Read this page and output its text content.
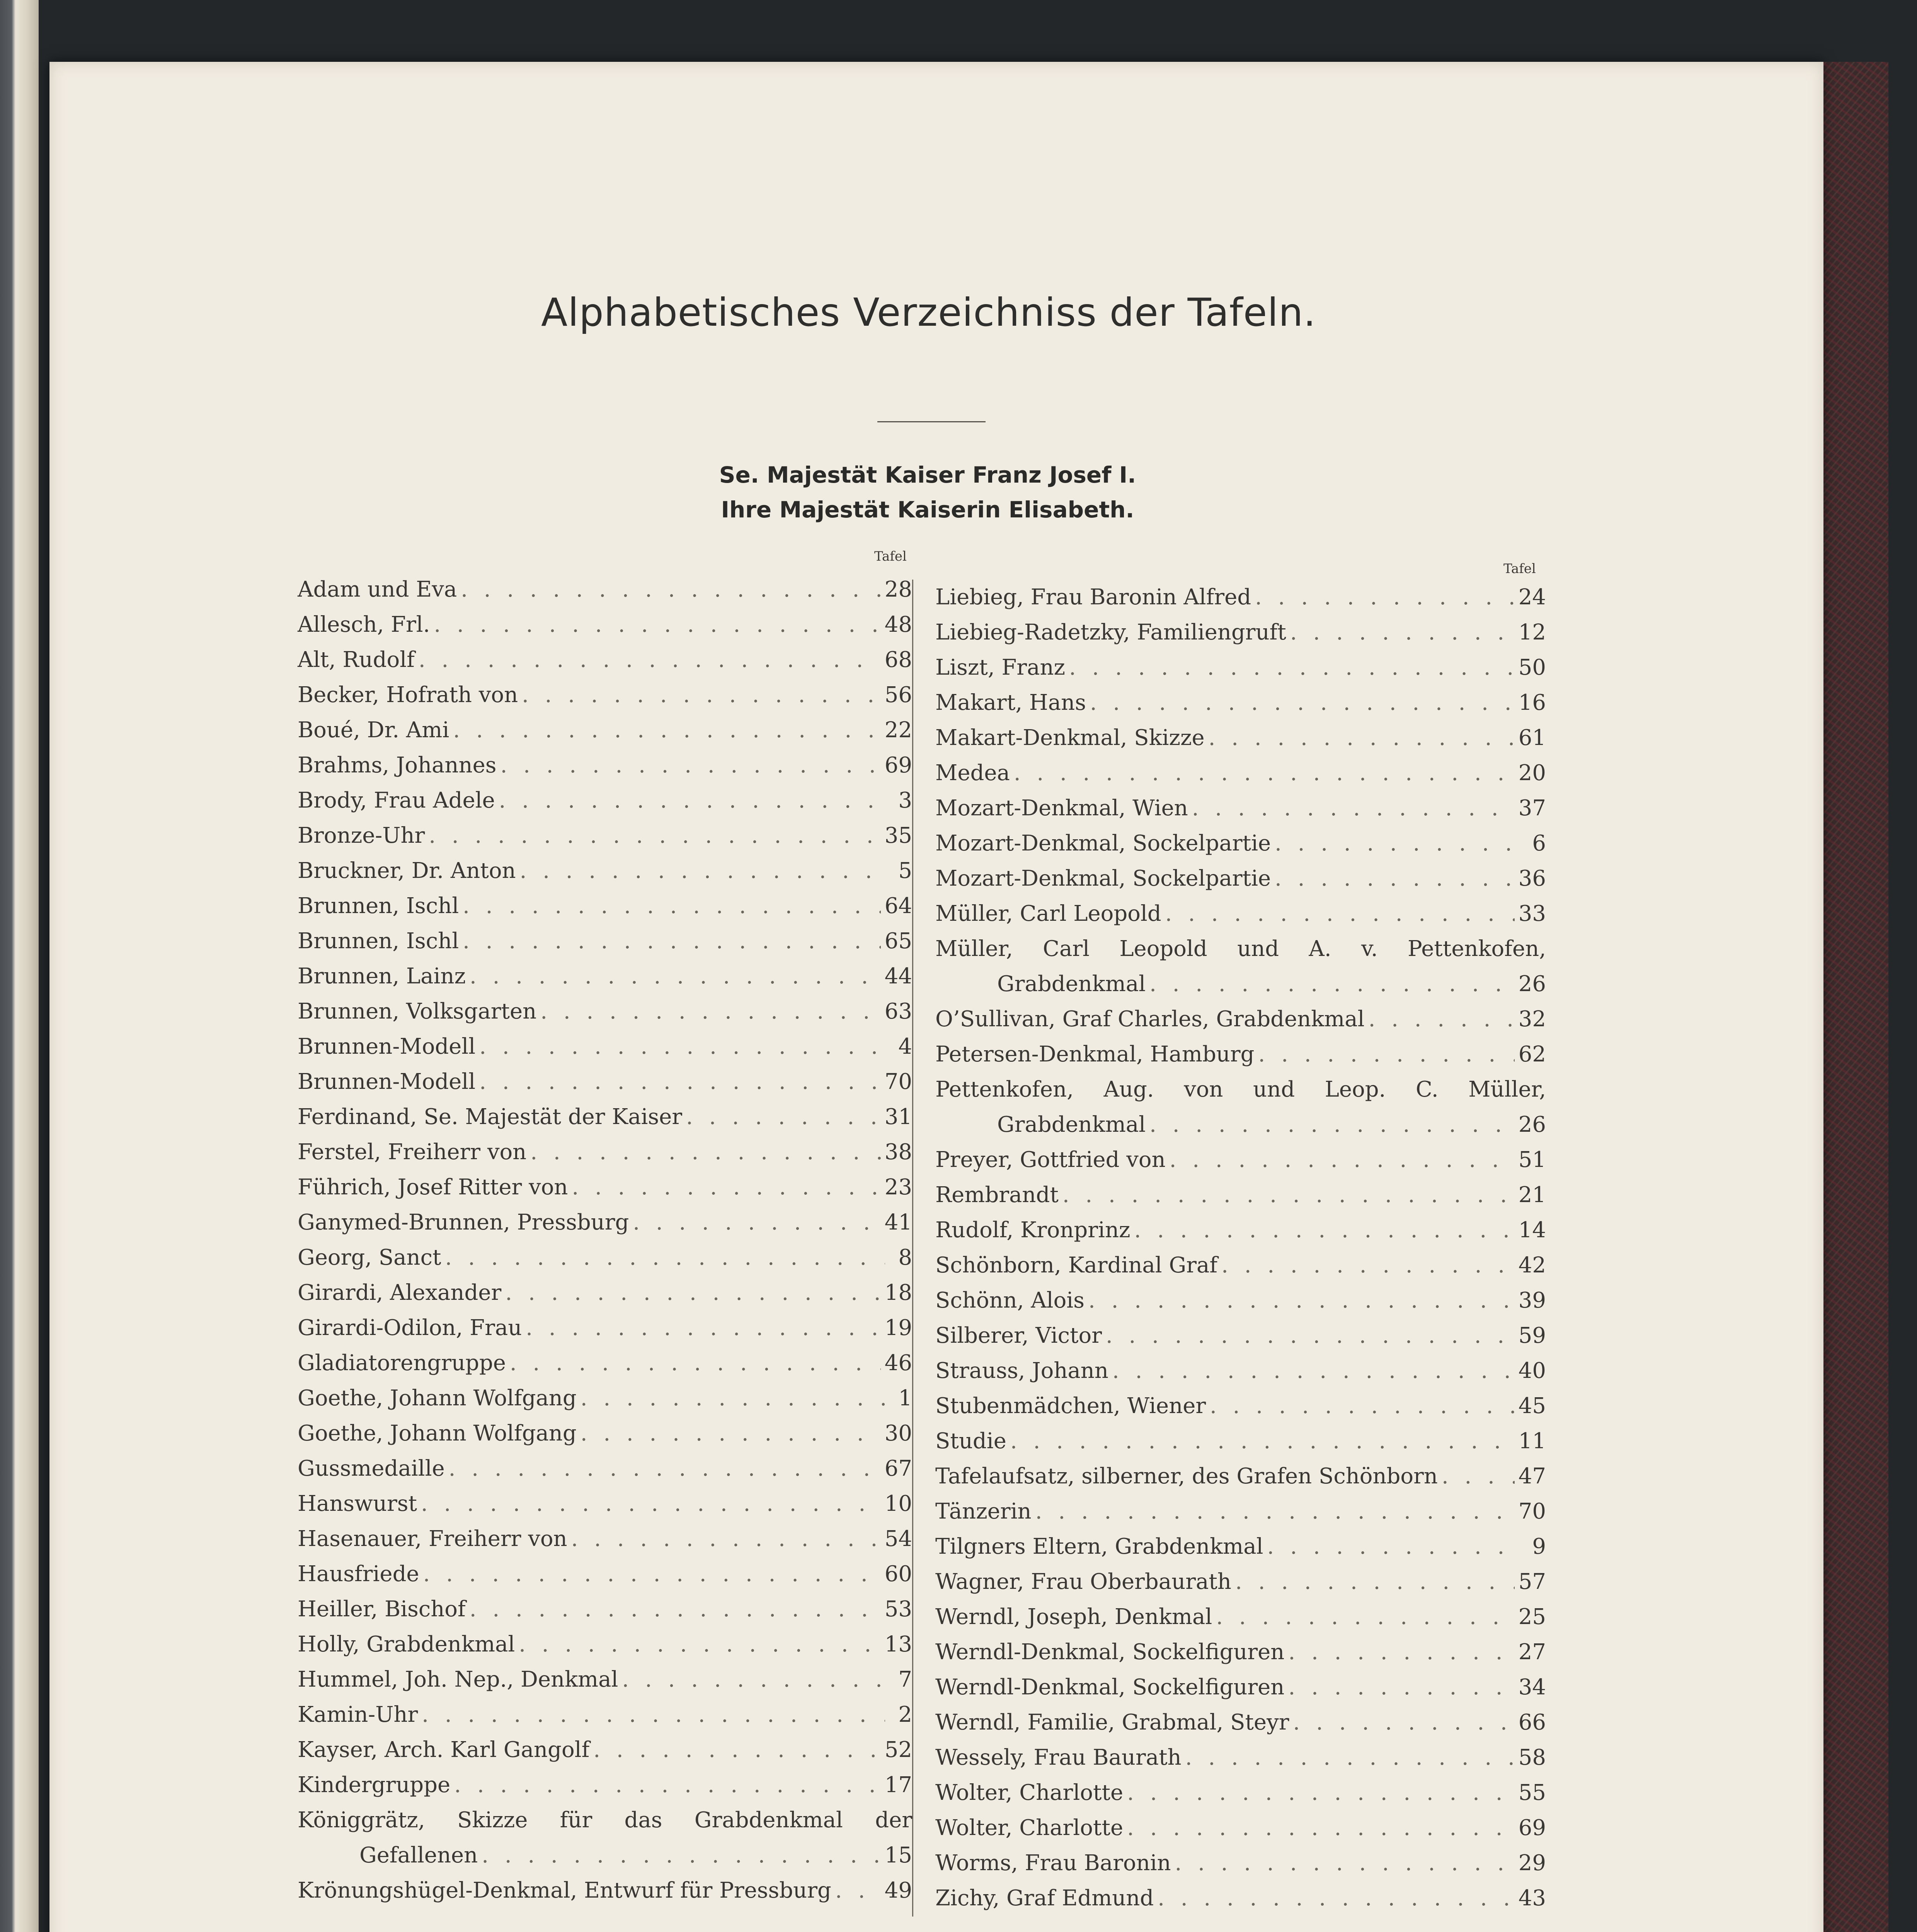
Alphabetisches Verzeichniss der Tafeln.
Se. Majestät Kaiser Franz Josef I.
Ihre Majestät Kaiserin Elisabeth.
Tafel
Tafel
Adam und Eva . . .	28
Allesch, Frl. . . .	48
Alt, Rudolf . . .	68
Becker, Hofrath von . . .	56
Boué, Dr. Ami . . .	22
Brahms, Johannes . . .	69
Brody, Frau Adele . . .	3
Bronze-Uhr . . .	35
Bruckner, Dr. Anton . . .	5
Brunnen, Ischl . . .	64
Brunnen, Ischl . . .	65
Brunnen, Lainz . . .	44
Brunnen, Volksgarten . . .	63
Brunnen-Modell . . .	4
Brunnen-Modell . . .	70
Ferdinand, Se. Majestät der Kaiser . . .	31
Ferstel, Freiherr von . . .	38
Führich, Josef Ritter von . . .	23
Ganymed-Brunnen, Pressburg . . .	41
Georg, Sanct . . .	8
Girardi, Alexander . . .	18
Girardi-Odilon, Frau . . .	19
Gladiatorengruppe . . .	46
Goethe, Johann Wolfgang . . .	1
Goethe, Johann Wolfgang . . .	30
Gussmedaille . . .	67
Hanswurst . . .	10
Hasenauer, Freiherr von . . .	54
Hausfriede . . .	60
Heiller, Bischof . . .	53
Holly, Grabdenkmal . . .	13
Hummel, Joh. Nep., Denkmal . . .	7
Kamin-Uhr . . .	2
Kayser, Arch. Karl Gangolf . . .	52
Kindergruppe . . .	17
Königgrätz, Skizze für das Grabdenkmal der
Gefallenen . . .	15
Krönungshügel-Denkmal, Entwurf für Pressburg . . . 49
Liebieg, Frau Baronin Alfred . . .	24
Liebieg-Radetzky, Familiengruft . . .	12
Liszt, Franz . . .	50
Makart, Hans . . .	16
Makart-Denkmal, Skizze . . .	61
Medea . . .	20
Mozart-Denkmal, Wien . . .	37
Mozart-Denkmal, Sockelpartie . . .	6
Mozart-Denkmal, Sockelpartie . . .	36
Müller, Carl Leopold . . .	33
Müller, Carl Leopold und A. v. Pettenkofen,
Grabdenkmal . . .	26
O’Sullivan, Graf Charles, Grabdenkmal . . .	32
Petersen-Denkmal, Hamburg . . .	62
Pettenkofen, Aug. von und Leop. C. Müller,
Grabdenkmal . . .	26
Preyer, Gottfried von . . .	51
Rembrandt . . .	21
Rudolf, Kronprinz . . .	14
Schönborn, Kardinal Graf . . .	42
Schönn, Alois . . .	39
Silberer, Victor . . .	59
Strauss, Johann . . .	40
Stubenmädchen, Wiener . . .	45
Studie . . .	11
Tafelaufsatz, silberner, des Grafen Schönborn . . .	47
Tänzerin . . .	70
Tilgners Eltern, Grabdenkmal . . .	9
Wagner, Frau Oberbaurath . . .	57
Werndl, Joseph, Denkmal . . .	25
Werndl-Denkmal, Sockelfiguren . . .	27
Werndl-Denkmal, Sockelfiguren . . .	34
Werndl, Familie, Grabmal, Steyr . . .	66
Wessely, Frau Baurath . . .	58
Wolter, Charlotte . . .	55
Wolter, Charlotte . . .	69
Worms, Frau Baronin . . .	29
Zichy, Graf Edmund . . .	43
